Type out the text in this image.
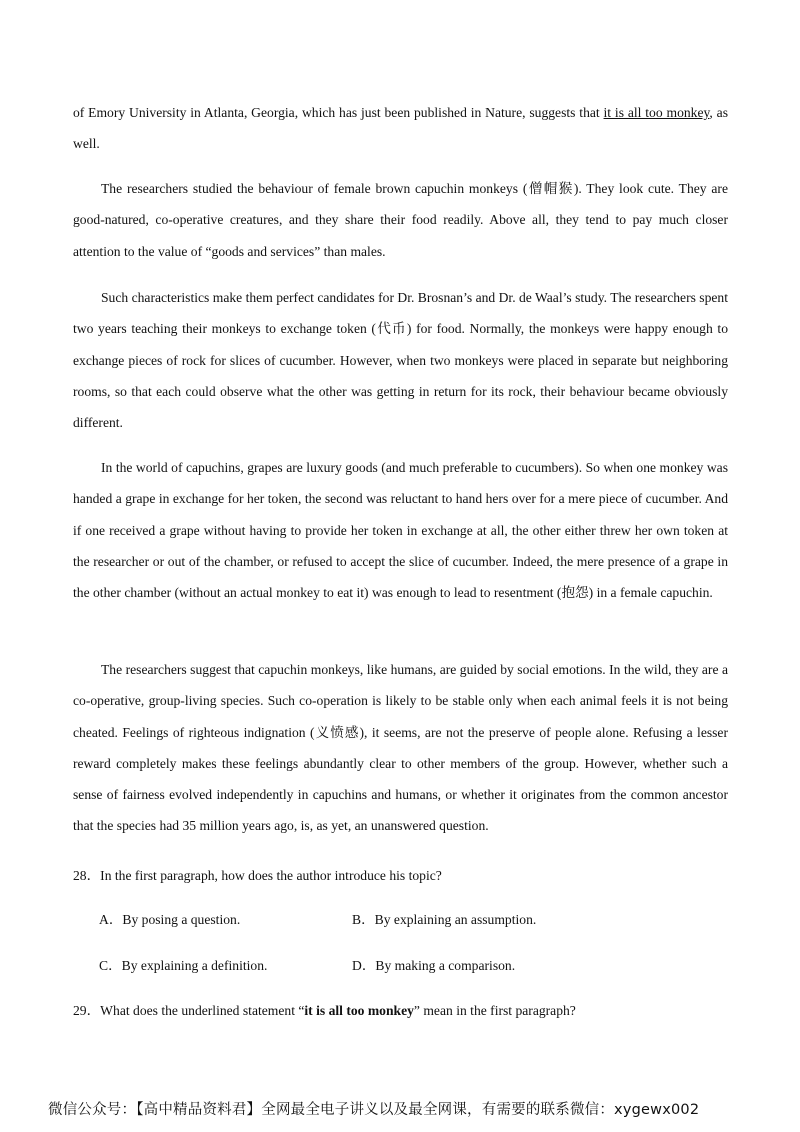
of Emory University in Atlanta, Georgia, which has just been published in Nature, suggests that it is all too monkey, as well.

The researchers studied the behaviour of female brown capuchin monkeys (僧帽猴). They look cute. They are good-natured, co-operative creatures, and they share their food readily. Above all, they tend to pay much closer attention to the value of “goods and services” than males.

Such characteristics make them perfect candidates for Dr. Brosnan’s and Dr. de Waal’s study. The researchers spent two years teaching their monkeys to exchange token (代币) for food. Normally, the monkeys were happy enough to exchange pieces of rock for slices of cucumber. However, when two monkeys were placed in separate but neighboring rooms, so that each could observe what the other was getting in return for its rock, their behaviour became obviously different.

In the world of capuchins, grapes are luxury goods (and much preferable to cucumbers). So when one monkey was handed a grape in exchange for her token, the second was reluctant to hand hers over for a mere piece of cucumber. And if one received a grape without having to provide her token in exchange at all, the other either threw her own token at the researcher or out of the chamber, or refused to accept the slice of cucumber. Indeed, the mere presence of a grape in the other chamber (without an actual monkey to eat it) was enough to lead to resentment (抱怨) in a female capuchin.

The researchers suggest that capuchin monkeys, like humans, are guided by social emotions. In the wild, they are a co-operative, group-living species. Such co-operation is likely to be stable only when each animal feels it is not being cheated. Feelings of righteous indignation (义愤感), it seems, are not the preserve of people alone. Refusing a lesser reward completely makes these feelings abundantly clear to other members of the group. However, whether such a sense of fairness evolved independently in capuchins and humans, or whether it originates from the common ancestor that the species had 35 million years ago, is, as yet, an unanswered question.

28．In the first paragraph, how does the author introduce his topic?

A．By posing a question.	B．By explaining an assumption.

C．By explaining a definition.	D．By making a comparison.

29．What does the underlined statement “it is all too monkey” mean in the first paragraph?

微信公众号：【高中精品资料君】全网最全电子讲义以及最全网课，有需要的联系微信：xygewx002
